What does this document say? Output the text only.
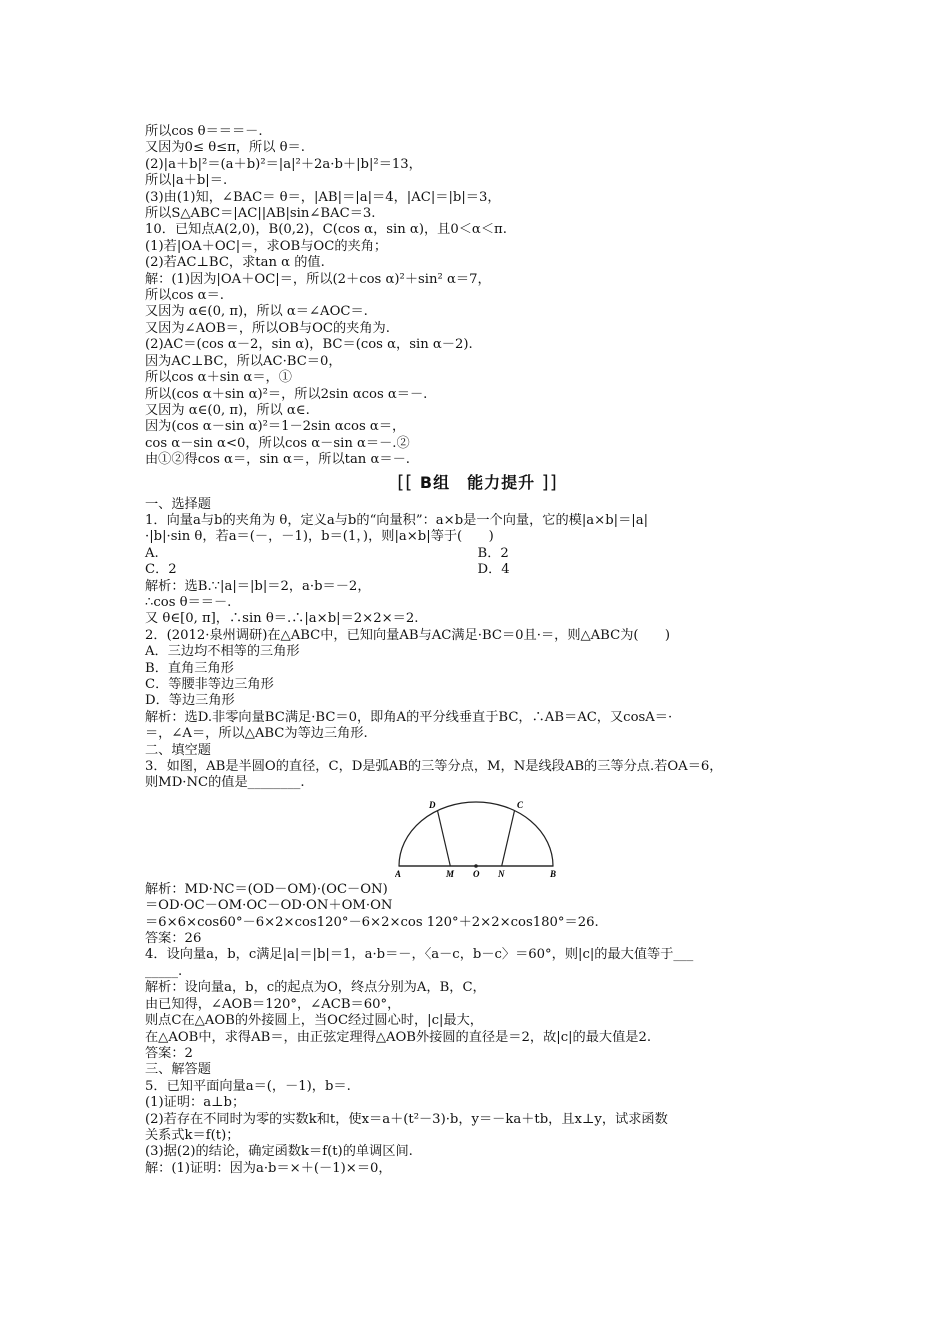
所以cos θ＝＝＝－.
又因为0≤ θ≤π，所以 θ＝.
(2)|a＋b|²＝(a＋b)²＝|a|²＋2a·b＋|b|²＝13，
所以|a＋b|＝.
(3)由(1)知，∠BAC＝ θ＝，|AB|＝|a|＝4，|AC|＝|b|＝3，
所以S△ABC＝|AC||AB|sin∠BAC＝3.
10．已知点A(2,0)，B(0,2)，C(cos α，sin α)，且0＜α＜π.
(1)若|OA＋OC|＝，求OB与OC的夹角；
(2)若AC⊥BC，求tan α 的值.
解：(1)因为|OA＋OC|＝，所以(2＋cos α)²＋sin² α＝7，
所以cos α＝.
又因为 α∈(0, π)，所以 α＝∠AOC＝.
又因为∠AOB＝，所以OB与OC的夹角为.
(2)AC＝(cos α－2，sin α)，BC＝(cos α，sin α－2).
因为AC⊥BC，所以AC·BC＝0，
所以cos α＋sin α＝，①
所以(cos α＋sin α)²＝，所以2sin αcos α＝－.
又因为 α∈(0, π)，所以 α∈.
因为(cos α－sin α)²＝1－2sin αcos α＝，
cos α－sin α<0，所以cos α－sin α＝－.②
由①②得cos α＝，sin α＝，所以tan α＝－.
[[ B组　能力提升 ]]
一、选择题
1．向量a与b的夹角为 θ，定义a与b的“向量积”：a×b是一个向量，它的模|a×b|＝|a|
·|b|·sin θ，若a＝(－，－1)，b＝(1，)，则|a×b|等于(　　)
A.	B．2
C．2	D．4
解析：选B.∵|a|＝|b|＝2，a·b＝－2，
∴cos θ＝＝－.
又 θ∈[0, π]，∴sin θ＝.∴|a×b|＝2×2×＝2.
2．(2012·泉州调研)在△ABC中，已知向量AB与AC满足·BC＝0且·＝，则△ABC为(　　)
A．三边均不相等的三角形
B．直角三角形
C．等腰非等边三角形
D．等边三角形
解析：选D.非零向量BC满足·BC＝0，即角A的平分线垂直于BC，∴AB＝AC，又cosA＝·
＝，∠A＝，所以△ABC为等边三角形.
二、填空题
3．如图，AB是半圆O的直径，C，D是弧AB的三等分点，M，N是线段AB的三等分点.若OA＝6，
则MD·NC的值是________.
A	M O N	B
C
D
解析：MD·NC＝(OD－OM)·(OC－ON)
＝OD·OC－OM·OC－OD·ON＋OM·ON
＝6×6×cos60°－6×2×cos120°－6×2×cos 120°＋2×2×cos180°＝26.
答案：26
4．设向量a，b，c满足|a|＝|b|＝1，a·b＝－，〈a－c，b－c〉＝60°，则|c|的最大值等于___
_____.
解析：设向量a，b，c的起点为O，终点分别为A，B，C，
由已知得，∠AOB＝120°，∠ACB＝60°，
则点C在△AOB的外接圆上，当OC经过圆心时，|c|最大，
在△AOB中，求得AB＝，由正弦定理得△AOB外接圆的直径是＝2，故|c|的最大值是2.
答案：2
三、解答题
5．已知平面向量a＝(，－1)，b＝.
(1)证明：a⊥b；
(2)若存在不同时为零的实数k和t，使x＝a＋(t²－3)·b，y＝－ka＋tb，且x⊥y，试求函数
关系式k＝f(t)；
(3)据(2)的结论，确定函数k＝f(t)的单调区间.
解：(1)证明：因为a·b＝×＋(－1)×＝0，
